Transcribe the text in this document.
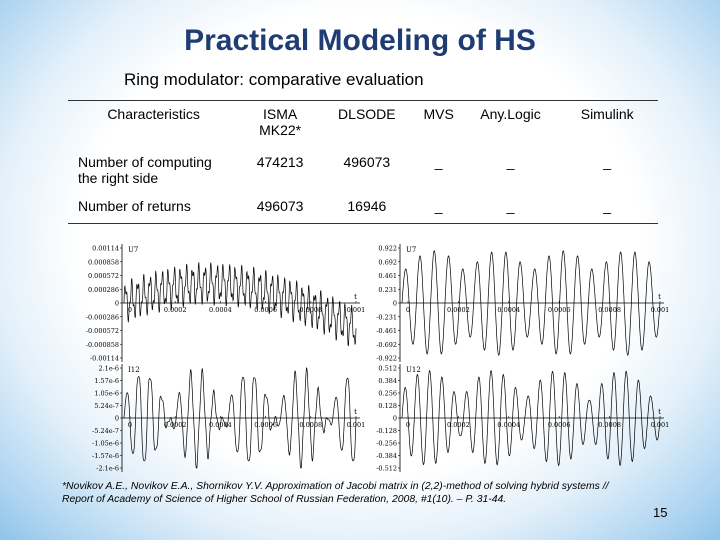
Practical Modeling of HS
Ring modulator: comparative evaluation
Characteristics	ISMA MK22*	DLSODE	MVS	Any.Logic	Simulink
Number of computing the right side	474213	496073	_	_	_
Number of returns	496073	16946	_	_	_
0.00114
0.000858
0.000572
0.000286
0
-0.000286
-0.000572
-0.000858
-0.00114
0	0.0002	0.0004	0.0006	0.0008	0.001
t
U7	0.922
0.692
0.461
0.231
0
-0.231
-0.461
-0.692
-0.922
0	0.0002	0.0004	0.0006	0.0008	0.001
t
U7
2.1e-6
1.57e-6
1.05e-6
5.24e-7
0
-5.24e-7
-1.05e-6
-1.57e-6
-2.1e-6
0	0.0002	0.0004	0.0006	0.0008	0.001
t
I12	0.512
0.384
0.256
0.128
0
-0.128
-0.256
-0.384
-0.512
0	0.0002	0.0004	0.0006	0.0008	0.001
t
U12
*Novikov A.E., Novikov E.A., Shornikov Y.V. Approximation of Jacobi matrix in (2,2)-method of solving hybrid systems // Report of Academy of Science of Higher School of Russian Federation, 2008, #1(10). – P. 31-44.
15
